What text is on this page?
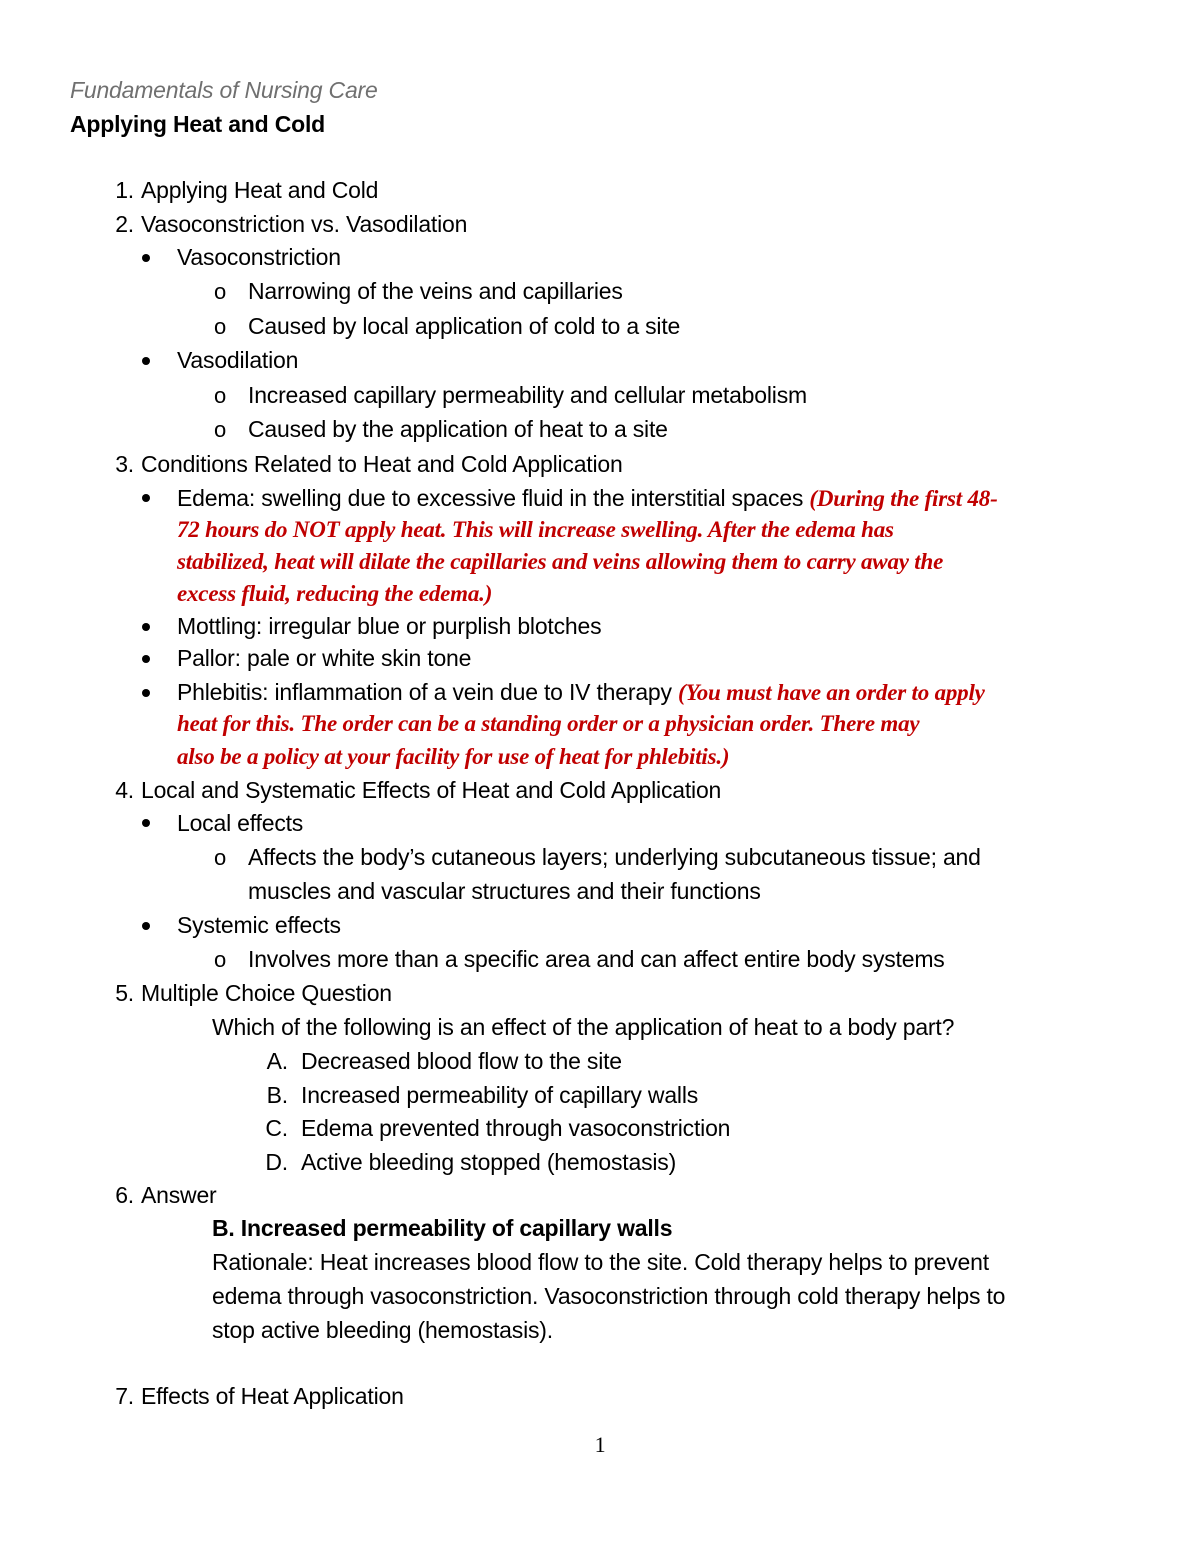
Fundamentals of Nursing Care
Applying Heat and Cold
1. Applying Heat and Cold
2. Vasoconstriction vs. Vasodilation
Vasoconstriction
o Narrowing of the veins and capillaries
o Caused by local application of cold to a site
Vasodilation
o Increased capillary permeability and cellular metabolism
o Caused by the application of heat to a site
3. Conditions Related to Heat and Cold Application
Edema: swelling due to excessive fluid in the interstitial spaces (During the first 48-
72 hours do NOT apply heat. This will increase swelling. After the edema has
stabilized, heat will dilate the capillaries and veins allowing them to carry away the
excess fluid, reducing the edema.)
Mottling: irregular blue or purplish blotches
Pallor: pale or white skin tone
Phlebitis: inflammation of a vein due to IV therapy (You must have an order to apply
heat for this. The order can be a standing order or a physician order. There may
also be a policy at your facility for use of heat for phlebitis.)
4. Local and Systematic Effects of Heat and Cold Application
Local effects
o Affects the body’s cutaneous layers; underlying subcutaneous tissue; and
muscles and vascular structures and their functions
Systemic effects
o Involves more than a specific area and can affect entire body systems
5. Multiple Choice Question
Which of the following is an effect of the application of heat to a body part?
A. Decreased blood flow to the site
B. Increased permeability of capillary walls
C. Edema prevented through vasoconstriction
D. Active bleeding stopped (hemostasis)
6. Answer
B. Increased permeability of capillary walls
Rationale: Heat increases blood flow to the site. Cold therapy helps to prevent
edema through vasoconstriction. Vasoconstriction through cold therapy helps to
stop active bleeding (hemostasis).
7. Effects of Heat Application
1
